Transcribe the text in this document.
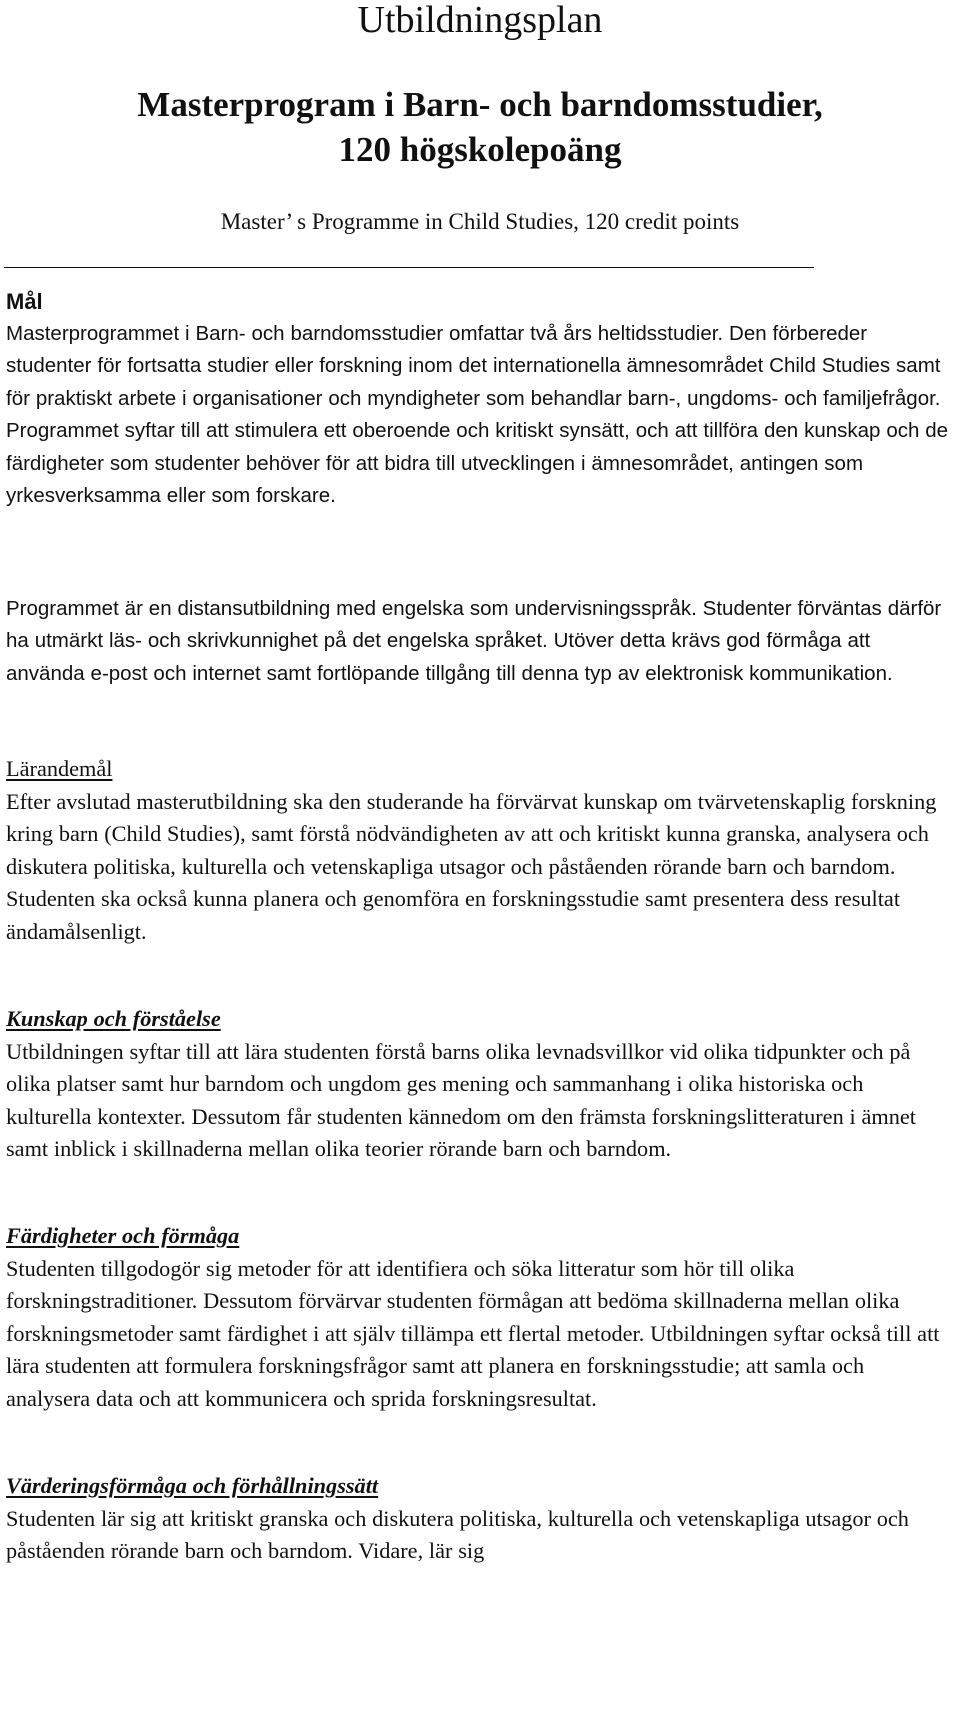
Utbildningsplan
Masterprogram i Barn- och barndomsstudier,
120 högskolepoäng
Master’ s Programme in Child Studies, 120 credit points
Mål
Masterprogrammet i Barn- och barndomsstudier omfattar två års heltidsstudier. Den förbereder studenter för fortsatta studier eller forskning inom det internationella ämnesområdet Child Studies samt för praktiskt arbete i organisationer och myndigheter som behandlar barn-, ungdoms- och familjefrågor. Programmet syftar till att stimulera ett oberoende och kritiskt synsätt, och att tillföra den kunskap och de färdigheter som studenter behöver för att bidra till utvecklingen i ämnesområdet, antingen som yrkesverksamma eller som forskare.
Programmet är en distansutbildning med engelska som undervisningsspråk. Studenter förväntas därför ha utmärkt läs- och skrivkunnighet på det engelska språket. Utöver detta krävs god förmåga att använda e-post och internet samt fortlöpande tillgång till denna typ av elektronisk kommunikation.
Lärandemål
Efter avslutad masterutbildning ska den studerande ha förvärvat kunskap om tvärvetenskaplig forskning kring barn (Child Studies), samt förstå nödvändigheten av att och kritiskt kunna granska, analysera och diskutera politiska, kulturella och vetenskapliga utsagor och påståenden rörande barn och barndom. Studenten ska också kunna planera och genomföra en forskningsstudie samt presentera dess resultat ändamålsenligt.
Kunskap och förståelse
Utbildningen syftar till att lära studenten förstå barns olika levnadsvillkor vid olika tidpunkter och på olika platser samt hur barndom och ungdom ges mening och sammanhang i olika historiska och kulturella kontexter. Dessutom får studenten kännedom om den främsta forskningslitteraturen i ämnet samt inblick i skillnaderna mellan olika teorier rörande barn och barndom.
Färdigheter och förmåga
Studenten tillgodogör sig metoder för att identifiera och söka litteratur som hör till olika forskningstraditioner. Dessutom förvärvar studenten förmågan att bedöma skillnaderna mellan olika forskningsmetoder samt färdighet i att själv tillämpa ett flertal metoder. Utbildningen syftar också till att lära studenten att formulera forskningsfrågor samt att planera en forskningsstudie; att samla och analysera data och att kommunicera och sprida forskningsresultat.
Värderingsförmåga och förhållningssätt
Studenten lär sig att kritiskt granska och diskutera politiska, kulturella och vetenskapliga utsagor och påståenden rörande barn och barndom. Vidare, lär sig
